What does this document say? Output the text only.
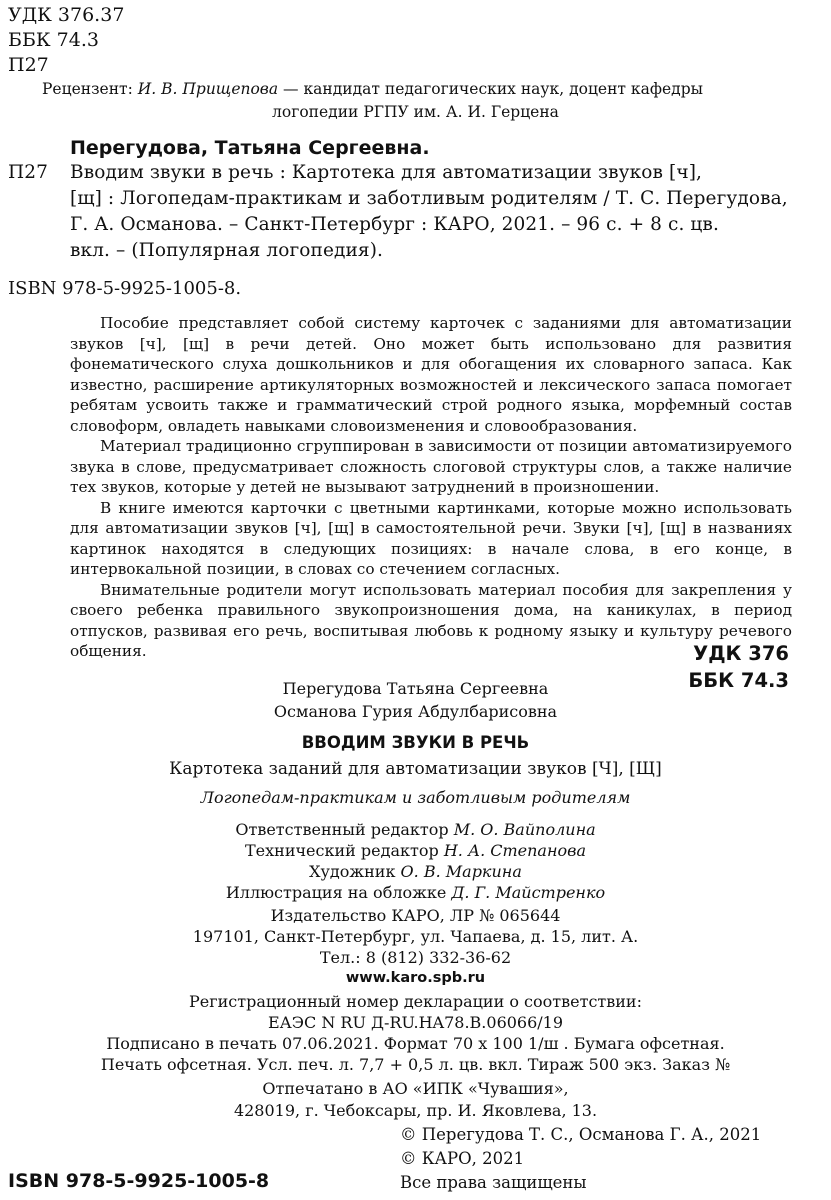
УДК 376.37
ББК 74.3
П27
Рецензент: И. В. Прищепова — кандидат педагогических наук, доцент кафедры
логопедии РГПУ им. А. И. Герцена
Перегудова, Татьяна Сергеевна.
П27 Вводим звуки в речь : Картотека для автоматизации звуков [ч],
[щ] : Логопедам-практикам и заботливым родителям / Т. С. Перегудова,
Г. А. Османова. – Санкт-Петербург : КАРО, 2021. – 96 с. + 8 с. цв.
вкл. – (Популярная логопедия).
ISBN 978-5-9925-1005-8.

Пособие представляет собой систему карточек с заданиями для автоматизации звуков [ч], [щ] в речи детей. Оно может быть использовано для развития фонематического слуха дошкольников и для обогащения их словарного запаса. Как известно, расширение артикуляторных возможностей и лексического запаса помогает ребятам усвоить также и грамматический строй родного языка, морфемный состав словоформ, овладеть навыками словоизменения и словообразования.

Материал традиционно сгруппирован в зависимости от позиции автоматизируемого звука в слове, предусматривает сложность слоговой структуры слов, а также наличие тех звуков, которые у детей не вызывают затруднений в произношении.

В книге имеются карточки с цветными картинками, которые можно использовать для автоматизации звуков [ч], [щ] в самостоятельной речи. Звуки [ч], [щ] в названиях картинок находятся в следующих позициях: в начале слова, в его конце, в интервокальной позиции, в словах со стечением согласных.

Внимательные родители могут использовать материал пособия для закрепления у своего ребенка правильного звукопроизношения дома, на каникулах, в период отпусков, развивая его речь, воспитывая любовь к родному языку и культуру речевого общения.	УДК 376
ББК 74.3
Перегудова Татьяна Сергеевна
Османова Гурия Абдулбарисовна
ВВОДИМ ЗВУКИ В РЕЧЬ
Картотека заданий для автоматизации звуков [Ч], [Щ]
Логопедам-практикам и заботливым родителям
Ответственный редактор М. О. Вайполина
Технический редактор Н. А. Степанова
Художник О. В. Маркина
Иллюстрация на обложке Д. Г. Майстренко
Издательство КАРО, ЛР № 065644
197101, Санкт-Петербург, ул. Чапаева, д. 15, лит. А.
Тел.: 8 (812) 332-36-62
www.karo.spb.ru
Регистрационный номер декларации о соответствии:
ЕАЭС N RU Д-RU.HA78.B.06066/19
Подписано в печать 07.06.2021. Формат 70 x 100 1/ш . Бумага офсетная.
Печать офсетная. Усл. печ. л. 7,7 + 0,5 л. цв. вкл. Тираж 500 экз. Заказ №
Отпечатано в АО «ИПК «Чувашия»,
428019, г. Чебоксары, пр. И. Яковлева, 13.
ISBN 978-5-9925-1005-8
© Перегудова Т. С., Османова Г. А., 2021
© КАРО, 2021
Все права защищены
